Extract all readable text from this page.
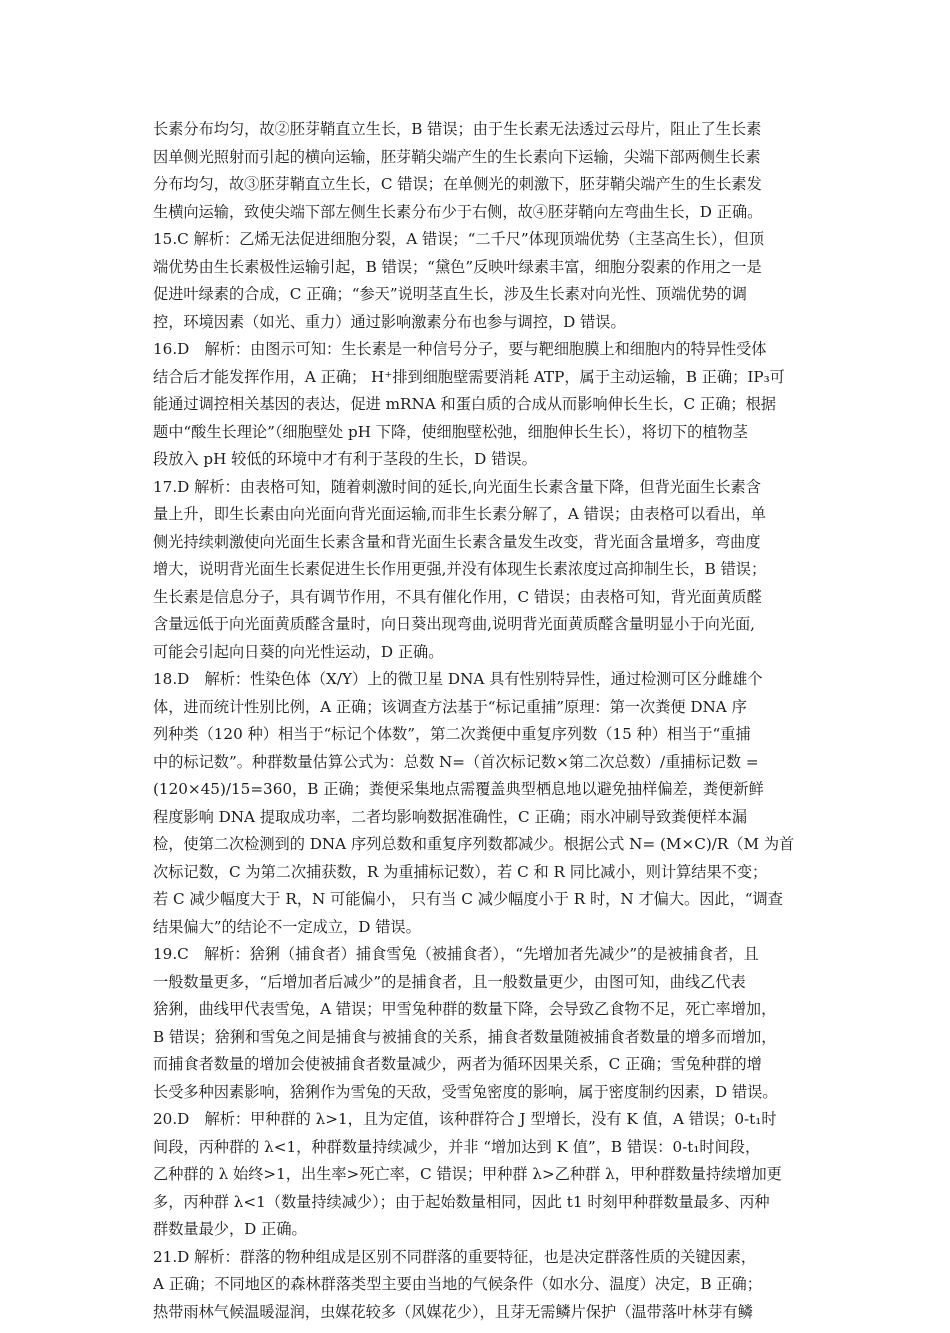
长素分布均匀，故②胚芽鞘直立生长，B 错误；由于生长素无法透过云母片，阻止了生长素
因单侧光照射而引起的横向运输，胚芽鞘尖端产生的生长素向下运输，尖端下部两侧生长素
分布均匀，故③胚芽鞘直立生长，C 错误；在单侧光的刺激下，胚芽鞘尖端产生的生长素发
生横向运输，致使尖端下部左侧生长素分布少于右侧，故④胚芽鞘向左弯曲生长，D 正确。
15.C 解析：乙烯无法促进细胞分裂，A 错误；“二千尺”体现顶端优势（主茎高生长），但顶
端优势由生长素极性运输引起，B 错误；“黛色”反映叶绿素丰富，细胞分裂素的作用之一是
促进叶绿素的合成，C 正确；“参天”说明茎直生长，涉及生长素对向光性、顶端优势的调
控，环境因素（如光、重力）通过影响激素分布也参与调控，D 错误。
16.D　解析：由图示可知：生长素是一种信号分子，要与靶细胞膜上和细胞内的特异性受体
结合后才能发挥作用，A 正确； H⁺排到细胞壁需要消耗 ATP，属于主动运输，B 正确；IP₃可
能通过调控相关基因的表达，促进 mRNA 和蛋白质的合成从而影响伸长生长，C 正确；根据
题中“酸生长理论”（细胞壁处 pH 下降，使细胞壁松弛，细胞伸长生长），将切下的植物茎
段放入 pH 较低的环境中才有利于茎段的生长，D 错误。
17.D 解析：由表格可知，随着刺激时间的延长,向光面生长素含量下降，但背光面生长素含
量上升，即生长素由向光面向背光面运输,而非生长素分解了，A 错误；由表格可以看出，单
侧光持续刺激使向光面生长素含量和背光面生长素含量发生改变，背光面含量增多，弯曲度
增大，说明背光面生长素促进生长作用更强,并没有体现生长素浓度过高抑制生长，B 错误；
生长素是信息分子，具有调节作用，不具有催化作用，C 错误；由表格可知，背光面黄质醛
含量远低于向光面黄质醛含量时，向日葵出现弯曲,说明背光面黄质醛含量明显小于向光面,
可能会引起向日葵的向光性运动，D 正确。
18.D　解析：性染色体（X/Y）上的微卫星 DNA 具有性别特异性，通过检测可区分雌雄个
体，进而统计性别比例，A 正确；该调查方法基于“标记重捕”原理：第一次粪便 DNA 序
列种类（120 种）相当于“标记个体数”，第二次粪便中重复序列数（15 种）相当于“重捕
中的标记数”。种群数量估算公式为：总数 N=（首次标记数×第二次总数）/重捕标记数 =
(120×45)/15=360，B 正确；粪便采集地点需覆盖典型栖息地以避免抽样偏差，粪便新鲜
程度影响 DNA 提取成功率，二者均影响数据准确性，C 正确；雨水冲刷导致粪便样本漏
检，使第二次检测到的 DNA 序列总数和重复序列数都减少。根据公式 N= (M×C)/R（M 为首
次标记数，C 为第二次捕获数，R 为重捕标记数），若 C 和 R 同比减小，则计算结果不变；
若 C 减少幅度大于 R，N 可能偏小， 只有当 C 减少幅度小于 R 时，N 才偏大。因此，“调查
结果偏大”的结论不一定成立，D 错误。
19.C　解析：猞猁（捕食者）捕食雪兔（被捕食者），“先增加者先减少”的是被捕食者，且
一般数量更多，“后增加者后减少”的是捕食者，且一般数量更少，由图可知，曲线乙代表
猞猁，曲线甲代表雪兔，A 错误；甲雪兔种群的数量下降，会导致乙食物不足，死亡率增加，
B 错误；猞猁和雪兔之间是捕食与被捕食的关系，捕食者数量随被捕食者数量的增多而增加，
而捕食者数量的增加会使被捕食者数量减少，两者为循环因果关系，C 正确；雪兔种群的增
长受多种因素影响，猞猁作为雪兔的天敌，受雪兔密度的影响，属于密度制约因素，D 错误。
20.D　解析：甲种群的 λ>1，且为定值，该种群符合 J 型增长，没有 K 值，A 错误；0-t₁时
间段，丙种群的 λ<1，种群数量持续减少，并非 “增加达到 K 值”，B 错误：0-t₁时间段，
乙种群的 λ 始终>1，出生率>死亡率，C 错误；甲种群 λ>乙种群 λ，甲种群数量持续增加更
多，丙种群 λ<1（数量持续减少）；由于起始数量相同，因此 t1 时刻甲种群数量最多、丙种
群数量最少，D 正确。
21.D 解析：群落的物种组成是区别不同群落的重要特征，也是决定群落性质的关键因素，
A 正确；不同地区的森林群落类型主要由当地的气候条件（如水分、温度）决定，B 正确；
热带雨林气候温暖湿润，虫媒花较多（风媒花少），且芽无需鳞片保护（温带落叶林芽有鳞
